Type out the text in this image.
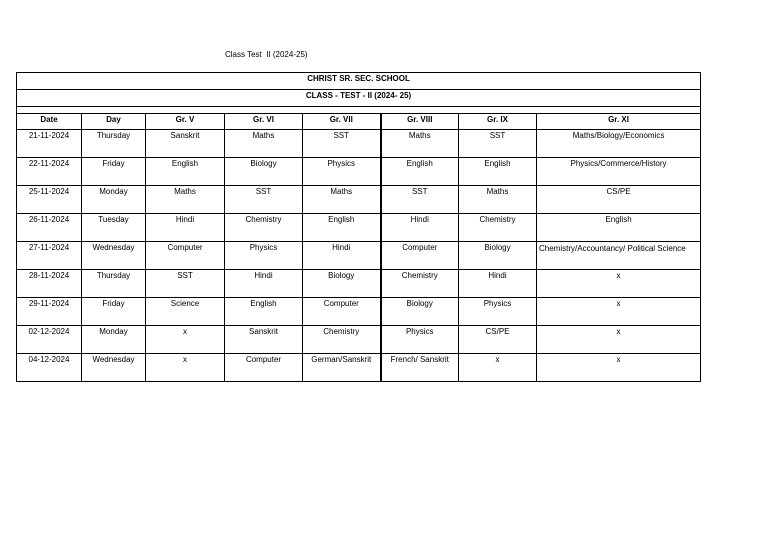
Class Test  II (2024-25)
CHRIST SR. SEC. SCHOOL							
CLASS - TEST - II (2024- 25)							

Date	Day	Gr. V	Gr. VI	Gr. VII	Gr. VIII	Gr. IX	Gr. XI
21-11-2024	Thursday	Sanskrit	Maths	SST	Maths	SST	Maths/Biology/Economics
22-11-2024	Friday	English	Biology	Physics	English	English	Physics/Commerce/History
25-11-2024	Monday	Maths	SST	Maths	SST	Maths	CS/PE
26-11-2024	Tuesday	Hindi	Chemistry	English	Hindi	Chemistry	English
27-11-2024	Wednesday	Computer	Physics	Hindi	Computer	Biology	Chemistry/Accountancy/ Political Science
28-11-2024	Thursday	SST	Hindi	Biology	Chemistry	Hindi	x
29-11-2024	Friday	Science	English	Computer	Biology	Physics	x
02-12-2024	Monday	x	Sanskrit	Chemistry	Physics	CS/PE	x
04-12-2024	Wednesday	x	Computer	German/Sanskrit	French/ Sanskrit	x	x
